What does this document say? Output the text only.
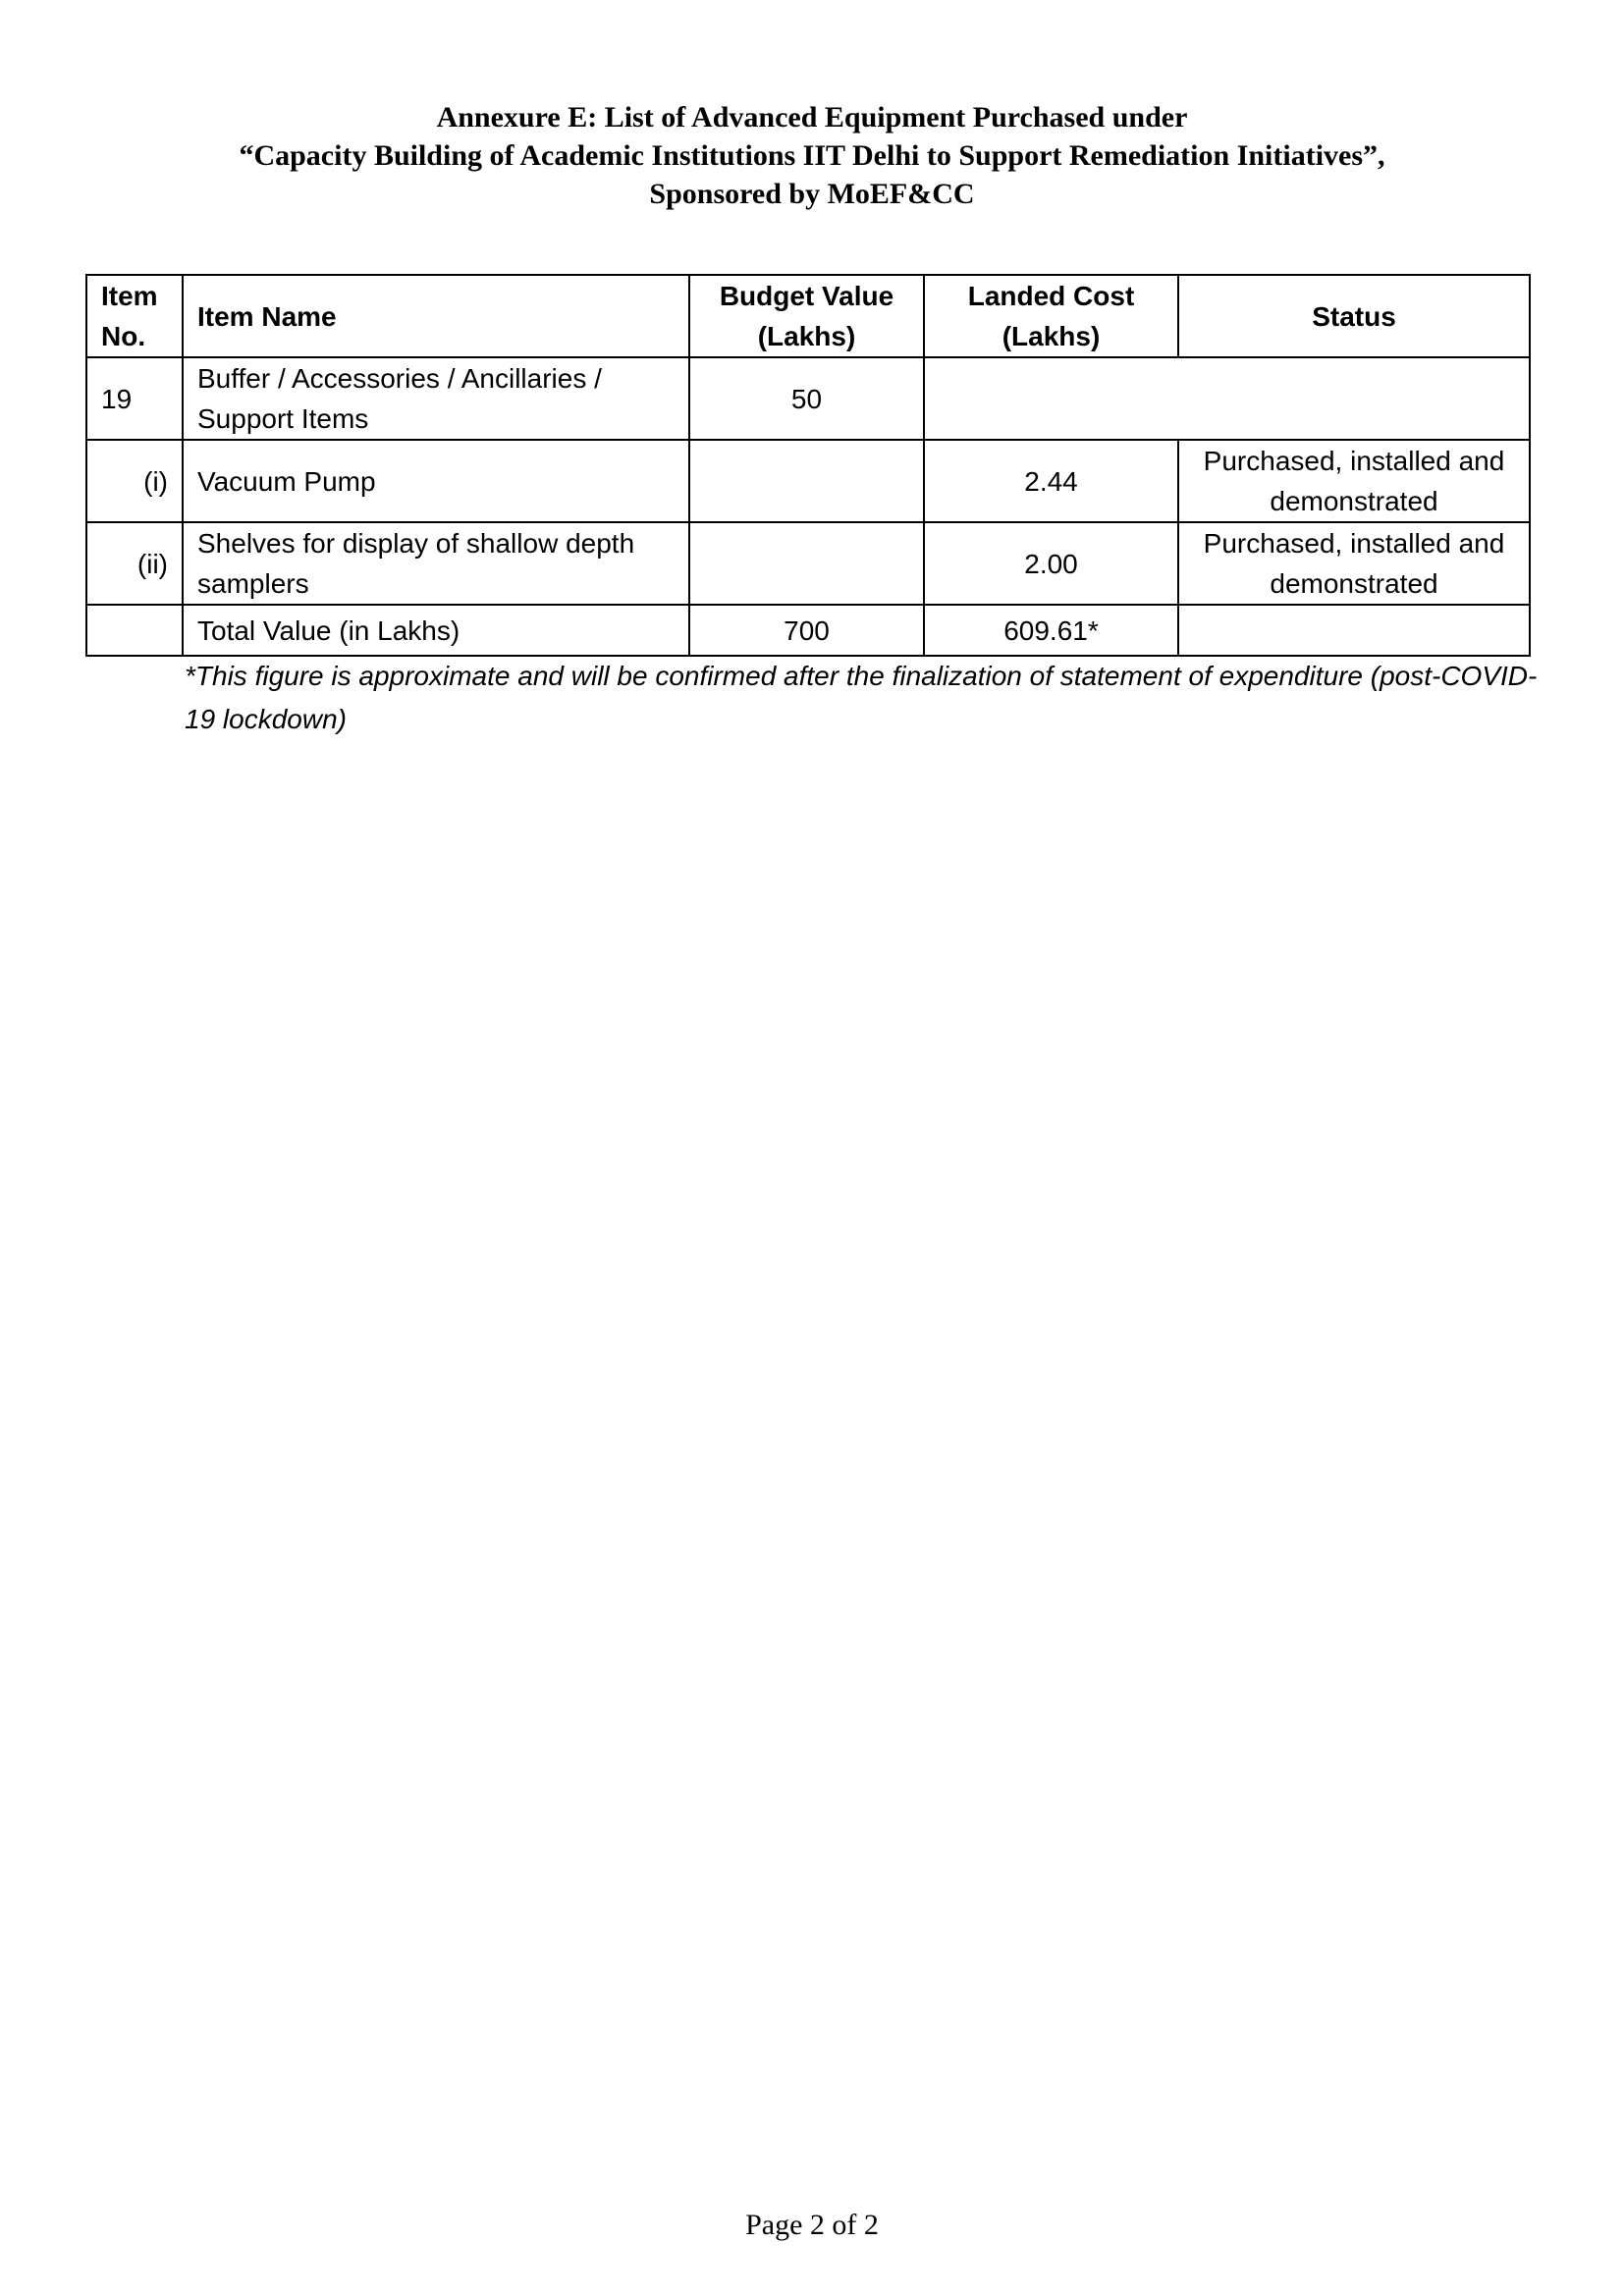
Annexure E: List of Advanced Equipment Purchased under
“Capacity Building of Academic Institutions IIT Delhi to Support Remediation Initiatives”,
Sponsored by MoEF&CC
Item No.	Item Name	Budget Value (Lakhs)	Landed Cost (Lakhs)	Status
19	Buffer / Accessories / Ancillaries / Support Items	50		
(i)	Vacuum Pump		2.44	Purchased, installed and demonstrated
(ii)	Shelves for display of shallow depth samplers		2.00	Purchased, installed and demonstrated
	Total Value (in Lakhs)	700	609.61*	
*This figure is approximate and will be confirmed after the finalization of statement of expenditure (post-COVID-19 lockdown)
Page 2 of 2
